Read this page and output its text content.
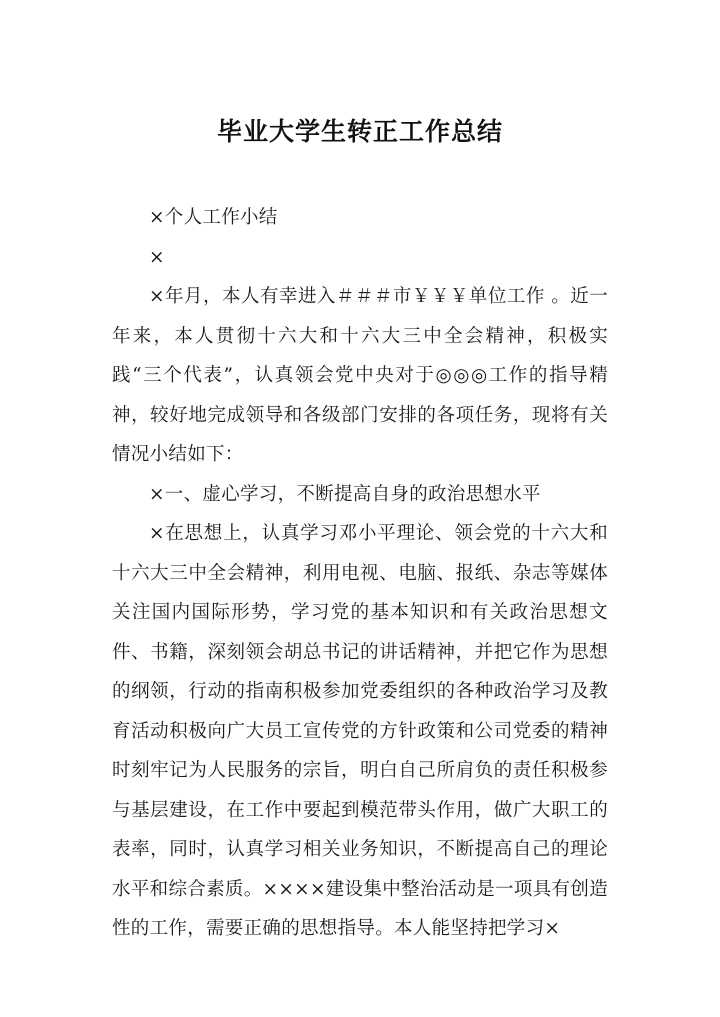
毕业大学生转正工作总结

×个人工作小结

×

×年月，本人有幸进入＃＃＃市￥￥￥单位工作 。近一年来，本人贯彻十六大和十六大三中全会精神，积极实践“三个代表”，认真领会党中央对于◎◎◎工作的指导精神，较好地完成领导和各级部门安排的各项任务，现将有关情况小结如下：

×一、虚心学习，不断提高自身的政治思想水平

×在思想上，认真学习邓小平理论、领会党的十六大和十六大三中全会精神，利用电视、电脑、报纸、杂志等媒体关注国内国际形势，学习党的基本知识和有关政治思想文件、书籍，深刻领会胡总书记的讲话精神，并把它作为思想的纲领，行动的指南积极参加党委组织的各种政治学习及教育活动积极向广大员工宣传党的方针政策和公司党委的精神时刻牢记为人民服务的宗旨，明白自己所肩负的责任积极参与基层建设，在工作中要起到模范带头作用，做广大职工的表率，同时，认真学习相关业务知识，不断提高自己的理论水平和综合素质。××××建设集中整治活动是一项具有创造性的工作，需要正确的思想指导。本人能坚持把学习×
